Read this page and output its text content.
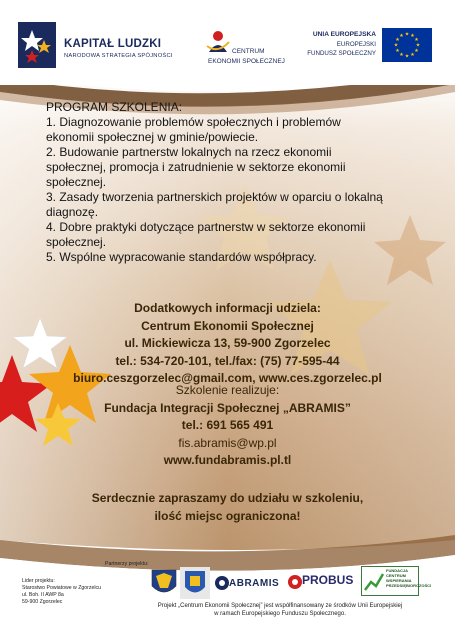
KAPITAŁ LUDZKI
NARODOWA STRATEGIA SPÓJNOŚCI
CENTRUM
EKONOMII SPOŁECZNEJ
UNIA EUROPEJSKA
EUROPEJSKI
FUNDUSZ SPOŁECZNY
★ ★
★
★
★
★
★
★
★
★
★
★
PROGRAM SZKOLENIA:
1. Diagnozowanie problemów społecznych i problemów
ekonomii społecznej w gminie/powiecie.
2. Budowanie partnerstw lokalnych na rzecz ekonomii
społecznej, promocja i zatrudnienie w sektorze ekonomii
społecznej.
3. Zasady tworzenia partnerskich projektów w oparciu o lokalną
diagnozę.
4. Dobre praktyki dotyczące partnerstw w sektorze ekonomii
społecznej.
5. Wspólne wypracowanie standardów współpracy.
Dodatkowych informacji udziela:
Centrum Ekonomii Społecznej
ul. Mickiewicza 13, 59-900 Zgorzelec
tel.: 534-720-101, tel./fax: (75) 77-595-44
biuro.ceszgorzelec@gmail.com, www.ces.zgorzelec.pl
Szkolenie realizuje:
Fundacja Integracji Społecznej „ABRAMIS”
tel.: 691 565 491
fis.abramis@wp.pl
www.fundabramis.pl.tl
Serdecznie zapraszamy do udziału w szkoleniu,
ilość miejsc ograniczona!
Partnerzy projektu:
Lider projektu:
Starostwo Powiatowe w Zgorzelcu
ul. Boh. II AWP 8a
59-900 Zgorzelec
ABRAMIS PROBUS
FUNDACJA CENTRUM WSPIERANIA PRZEDSIĘBIORCZOŚCI
Projekt „Centrum Ekonomii Społecznej” jest współfinansowany ze środków Unii Europejskiej
w ramach Europejskiego Funduszu Społecznego.
